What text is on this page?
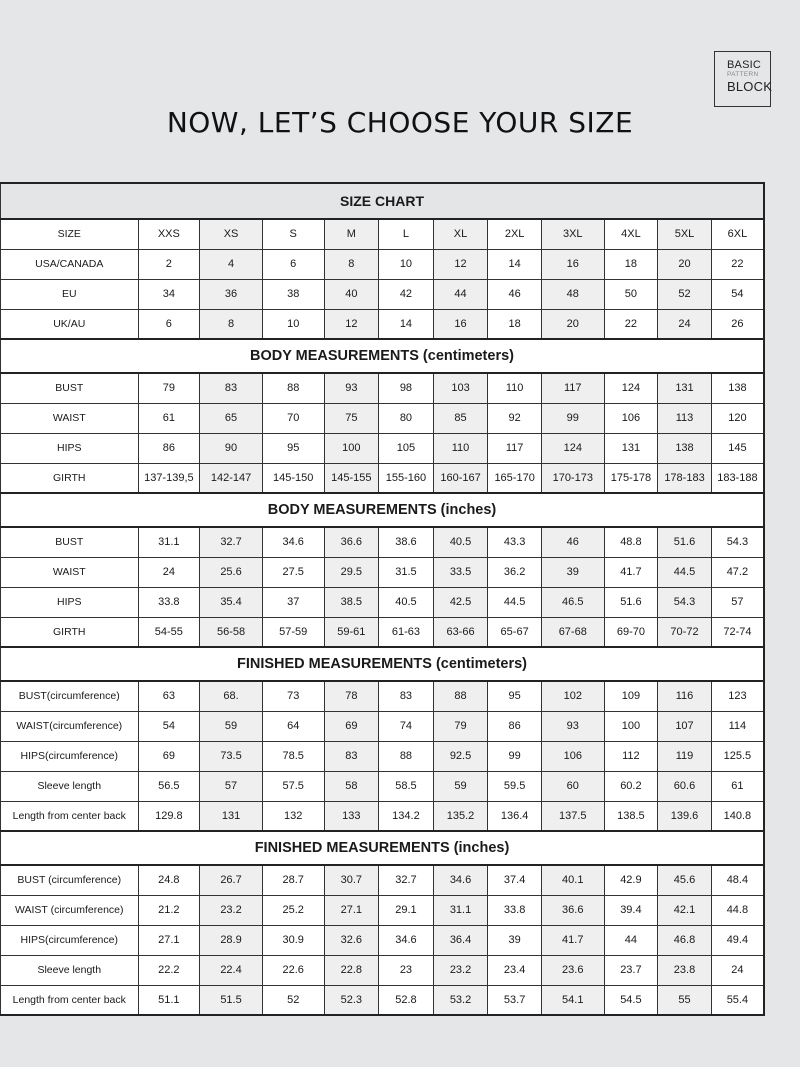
BASIC
PATTERN
BLOCK
NOW, LET’S CHOOSE YOUR SIZE
SIZE CHART											
SIZE	XXS	XS	S	M	L	XL	2XL	3XL	4XL	5XL	6XL
USA/CANADA	2	4	6	8	10	12	14	16	18	20	22
EU	34	36	38	40	42	44	46	48	50	52	54
UK/AU	6	8	10	12	14	16	18	20	22	24	26
BODY MEASUREMENTS (centimeters)											
BUST	79	83	88	93	98	103	110	117	124	131	138
WAIST	61	65	70	75	80	85	92	99	106	113	120
HIPS	86	90	95	100	105	110	117	124	131	138	145
GIRTH	137-139,5	142-147	145-150	145-155	155-160	160-167	165-170	170-173	175-178	178-183	183-188
BODY MEASUREMENTS (inches)											
BUST	31.1	32.7	34.6	36.6	38.6	40.5	43.3	46	48.8	51.6	54.3
WAIST	24	25.6	27.5	29.5	31.5	33.5	36.2	39	41.7	44.5	47.2
HIPS	33.8	35.4	37	38.5	40.5	42.5	44.5	46.5	51.6	54.3	57
GIRTH	54-55	56-58	57-59	59-61	61-63	63-66	65-67	67-68	69-70	70-72	72-74
FINISHED MEASUREMENTS (centimeters)											
BUST(circumference)	63	68.	73	78	83	88	95	102	109	116	123
WAIST(circumference)	54	59	64	69	74	79	86	93	100	107	114
HIPS(circumference)	69	73.5	78.5	83	88	92.5	99	106	112	119	125.5
Sleeve length	56.5	57	57.5	58	58.5	59	59.5	60	60.2	60.6	61
Length from center back	129.8	131	132	133	134.2	135.2	136.4	137.5	138.5	139.6	140.8
FINISHED MEASUREMENTS (inches)											
BUST (circumference)	24.8	26.7	28.7	30.7	32.7	34.6	37.4	40.1	42.9	45.6	48.4
WAIST (circumference)	21.2	23.2	25.2	27.1	29.1	31.1	33.8	36.6	39.4	42.1	44.8
HIPS(circumference)	27.1	28.9	30.9	32.6	34.6	36.4	39	41.7	44	46.8	49.4
Sleeve length	22.2	22.4	22.6	22.8	23	23.2	23.4	23.6	23.7	23.8	24
Length from center back	51.1	51.5	52	52.3	52.8	53.2	53.7	54.1	54.5	55	55.4
